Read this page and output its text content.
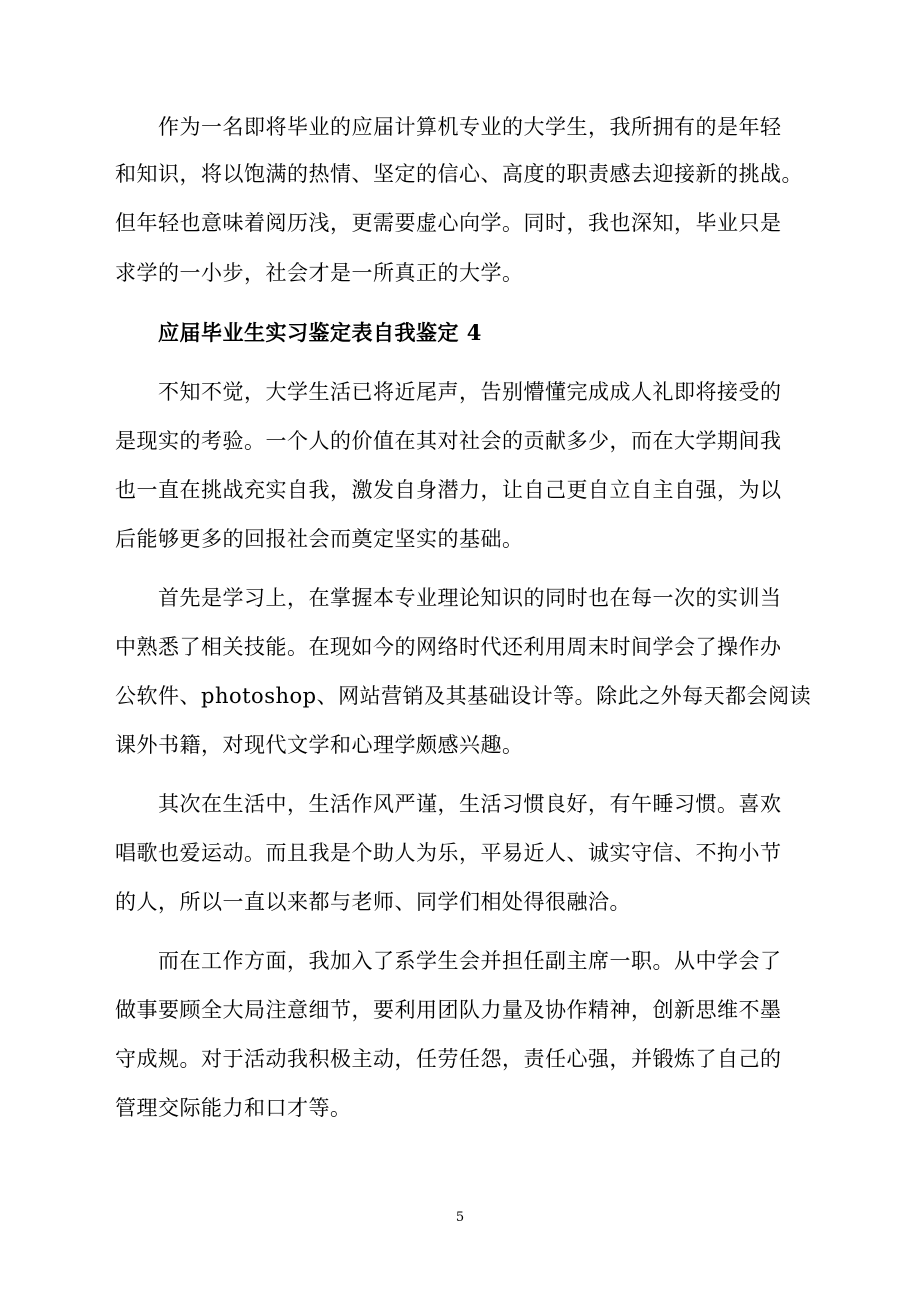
作为一名即将毕业的应届计算机专业的大学生，我所拥有的是年轻
和知识，将以饱满的热情、坚定的信心、高度的职责感去迎接新的挑战。
但年轻也意味着阅历浅，更需要虚心向学。同时，我也深知，毕业只是
求学的一小步，社会才是一所真正的大学。
应届毕业生实习鉴定表自我鉴定 4
不知不觉，大学生活已将近尾声，告别懵懂完成成人礼即将接受的
是现实的考验。一个人的价值在其对社会的贡献多少，而在大学期间我
也一直在挑战充实自我，激发自身潜力，让自己更自立自主自强，为以
后能够更多的回报社会而奠定坚实的基础。
首先是学习上，在掌握本专业理论知识的同时也在每一次的实训当
中熟悉了相关技能。在现如今的网络时代还利用周末时间学会了操作办
公软件、photoshop、网站营销及其基础设计等。除此之外每天都会阅读
课外书籍，对现代文学和心理学颇感兴趣。
其次在生活中，生活作风严谨，生活习惯良好，有午睡习惯。喜欢
唱歌也爱运动。而且我是个助人为乐，平易近人、诚实守信、不拘小节
的人，所以一直以来都与老师、同学们相处得很融洽。
而在工作方面，我加入了系学生会并担任副主席一职。从中学会了
做事要顾全大局注意细节，要利用团队力量及协作精神，创新思维不墨
守成规。对于活动我积极主动，任劳任怨，责任心强，并锻炼了自己的
管理交际能力和口才等。
5
